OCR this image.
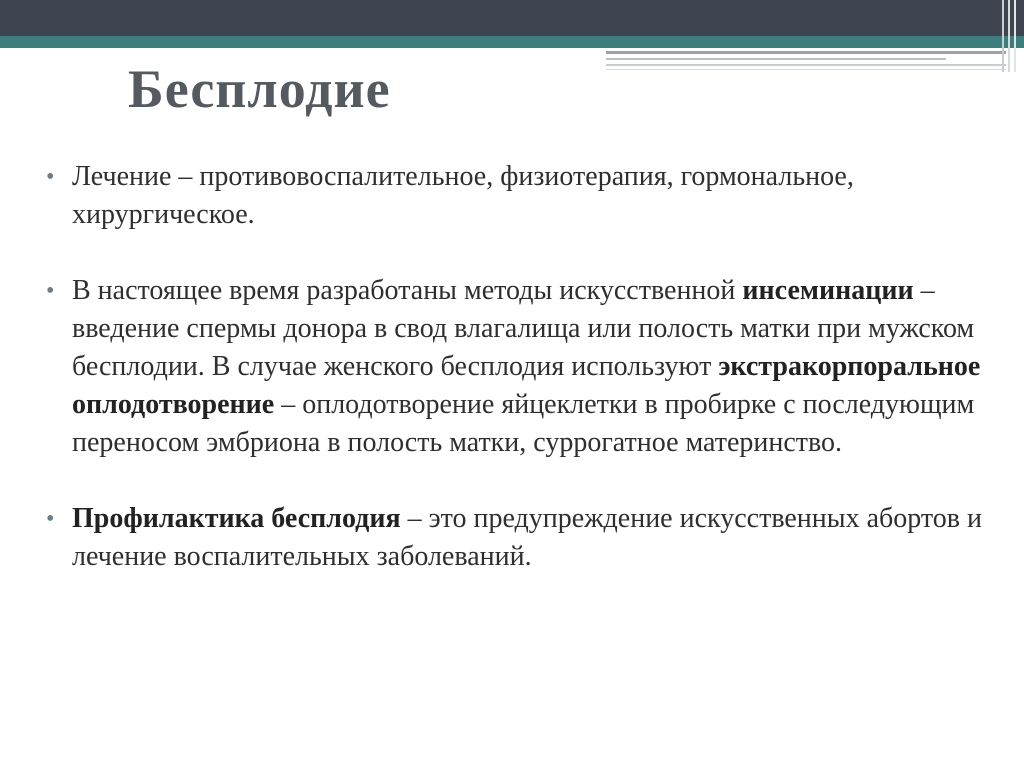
Бесплодие
• Лечение – противовоспалительное, физиотерапия, гормональное, хирургическое.
• В настоящее время разработаны методы искусственной инсеминации – введение спермы донора в свод влагалища или полость матки при мужском бесплодии. В случае женского бесплодия используют экстракорпоральное оплодотворение – оплодотворение яйцеклетки в пробирке с последующим переносом эмбриона в полость матки, суррогатное материнство.
• Профилактика бесплодия – это предупреждение искусственных абортов и лечение воспалительных заболеваний.
